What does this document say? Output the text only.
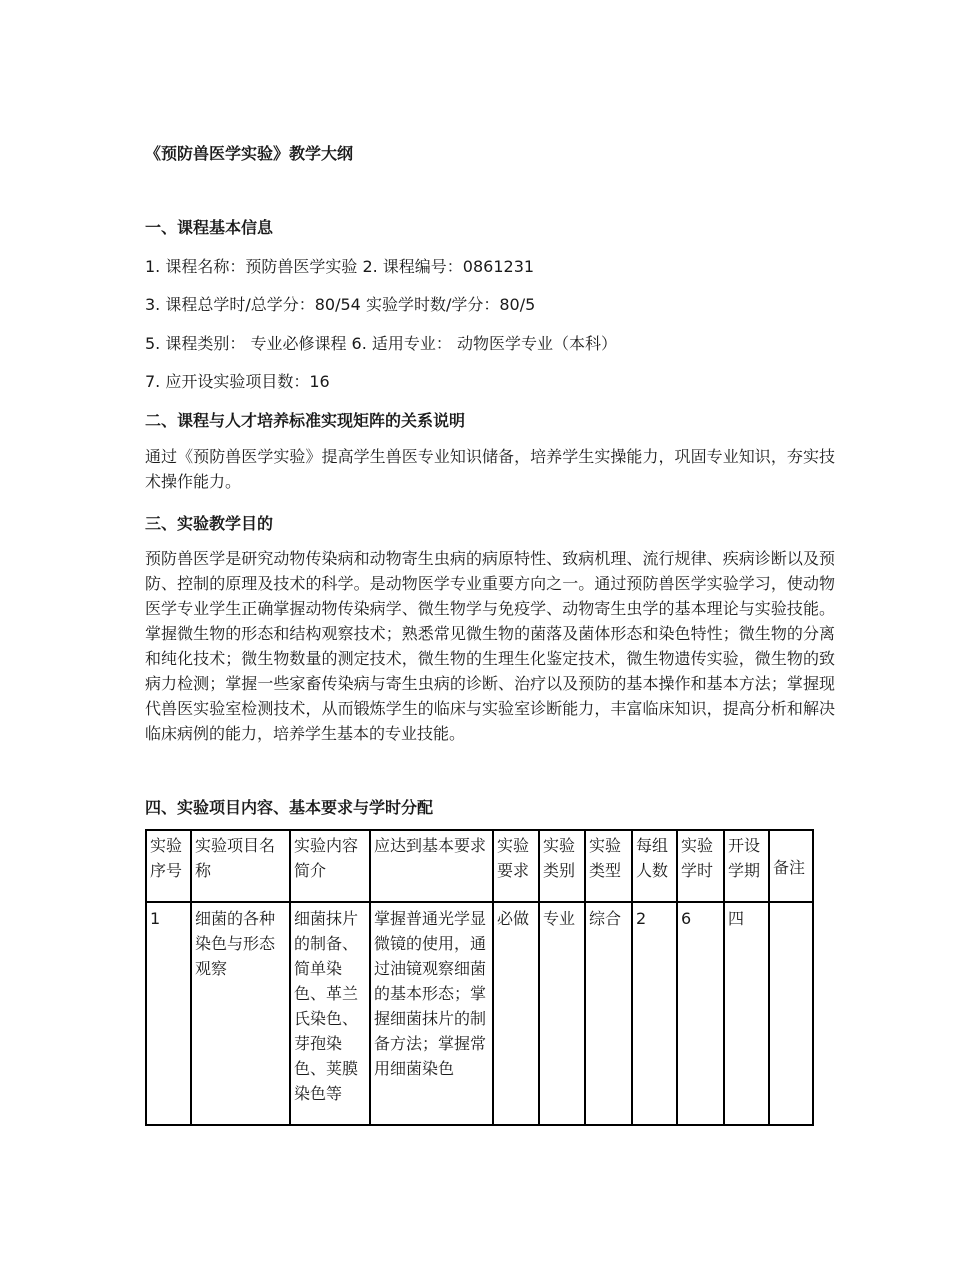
《预防兽医学实验》教学大纲
一、课程基本信息
1. 课程名称：预防兽医学实验 2. 课程编号：0861231
3. 课程总学时/总学分：80/54 实验学时数/学分：80/5
5. 课程类别： 专业必修课程 6. 适用专业： 动物医学专业（本科）
7. 应开设实验项目数：16
二、课程与人才培养标准实现矩阵的关系说明
通过《预防兽医学实验》提高学生兽医专业知识储备，培养学生实操能力，巩固专业知识，夯实技术操作能力。
三、实验教学目的
预防兽医学是研究动物传染病和动物寄生虫病的病原特性、致病机理、流行规律、疾病诊断以及预防、控制的原理及技术的科学。是动物医学专业重要方向之一。通过预防兽医学实验学习，使动物医学专业学生正确掌握动物传染病学、微生物学与免疫学、动物寄生虫学的基本理论与实验技能。掌握微生物的形态和结构观察技术；熟悉常见微生物的菌落及菌体形态和染色特性；微生物的分离和纯化技术；微生物数量的测定技术，微生物的生理生化鉴定技术，微生物遗传实验，微生物的致病力检测；掌握一些家畜传染病与寄生虫病的诊断、治疗以及预防的基本操作和基本方法；掌握现代兽医实验室检测技术，从而锻炼学生的临床与实验室诊断能力，丰富临床知识，提高分析和解决临床病例的能力，培养学生基本的专业技能。
四、实验项目内容、基本要求与学时分配
实验序号	实验项目名称	实验内容简介	应达到基本要求	实验要求	实验类别	实验类型	每组人数	实验学时	开设学期	备注
1	细菌的各种染色与形态观察	细菌抹片的制备、简单染色、革兰氏染色、芽孢染色、荚膜染色等	掌握普通光学显微镜的使用，通过油镜观察细菌的基本形态；掌握细菌抹片的制备方法；掌握常用细菌染色	必做	专业	综合	2	6	四	
